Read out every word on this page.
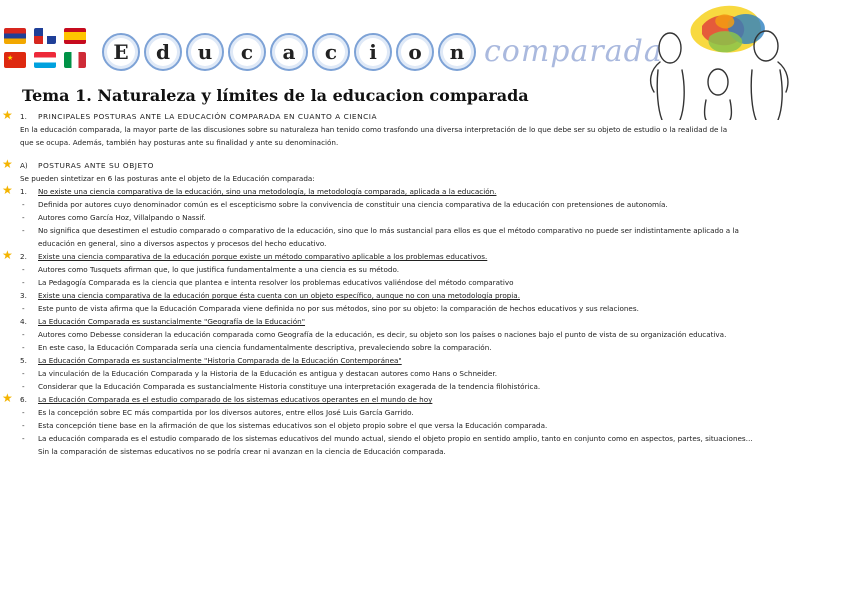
★	E	d	u	c	a	c	i	o	n comparada
Tema 1. Naturaleza y límites de la educacion comparada
★ 1. PRINCIPALES POSTURAS ANTE LA EDUCACIÓN COMPARADA EN CUANTO A CIENCIA
En la educación comparada, la mayor parte de las discusiones sobre su naturaleza han tenido como trasfondo una diversa interpretación de lo que debe ser su objeto de estudio o la realidad de la
que se ocupa. Además, también hay posturas ante su finalidad y ante su denominación.
★ A) POSTURAS ANTE SU OBJETO
Se pueden sintetizar en 6 las posturas ante el objeto de la Educación comparada:
★ 1. No existe una ciencia comparativa de la educación, sino una metodología, la metodología comparada, aplicada a la educación.
- Definida por autores cuyo denominador común es el escepticismo sobre la convivencia de constituir una ciencia comparativa de la educación con pretensiones de autonomía.
- Autores como García Hoz, Villalpando o Nassif.
- No significa que desestimen el estudio comparado o comparativo de la educación, sino que lo más sustancial para ellos es que el método comparativo no puede ser indistintamente aplicado a la
educación en general, sino a diversos aspectos y procesos del hecho educativo.
★ 2. Existe una ciencia comparativa de la educación porque existe un método comparativo aplicable a los problemas educativos.
- Autores como Tusquets afirman que, lo que justifica fundamentalmente a una ciencia es su método.
- La Pedagogía Comparada es la ciencia que plantea e intenta resolver los problemas educativos valiéndose del método comparativo
3. Existe una ciencia comparativa de la educación porque ésta cuenta con un objeto específico, aunque no con una metodología propia.
- Este punto de vista afirma que la Educación Comparada viene definida no por sus métodos, sino por su objeto: la comparación de hechos educativos y sus relaciones.
4. La Educación Comparada es sustancialmente "Geografía de la Educación"
- Autores como Debesse consideran la educación comparada como Geografía de la educación, es decir, su objeto son los países o naciones bajo el punto de vista de su organización educativa.
- En este caso, la Educación Comparada sería una ciencia fundamentalmente descriptiva, prevaleciendo sobre la comparación.
5. La Educación Comparada es sustancialmente "Historia Comparada de la Educación Contemporánea"
- La vinculación de la Educación Comparada y la Historia de la Educación es antigua y destacan autores como Hans o Schneider.
- Considerar que la Educación Comparada es sustancialmente Historia constituye una interpretación exagerada de la tendencia filohistórica.
★ 6. La Educación Comparada es el estudio comparado de los sistemas educativos operantes en el mundo de hoy
- Es la concepción sobre EC más compartida por los diversos autores, entre ellos José Luis García Garrido.
- Esta concepción tiene base en la afirmación de que los sistemas educativos son el objeto propio sobre el que versa la Educación comparada.
- La educación comparada es el estudio comparado de los sistemas educativos del mundo actual, siendo el objeto propio en sentido amplio, tanto en conjunto como en aspectos, partes, situaciones…
Sin la comparación de sistemas educativos no se podría crear ni avanzan en la ciencia de Educación comparada.
